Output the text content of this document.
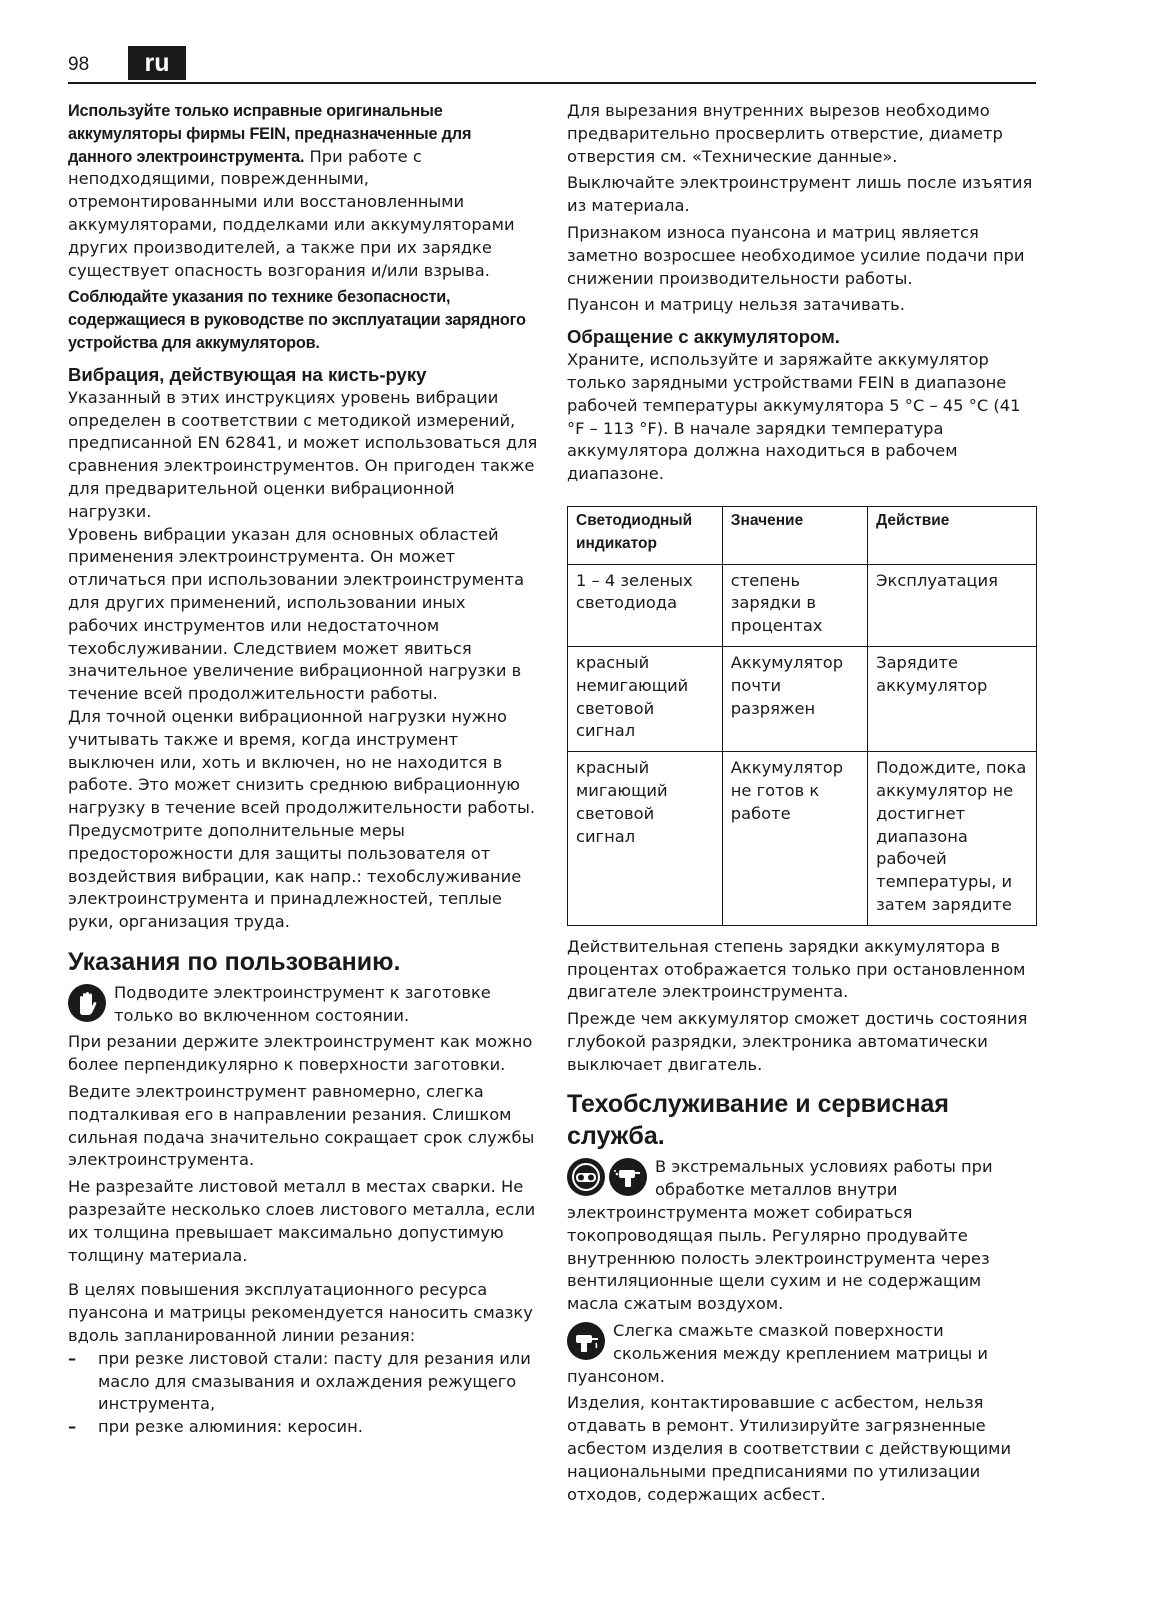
98	ru

Используйте только исправные оригинальные аккумуляторы фирмы FEIN, предназначенные для данного электроинструмента. При работе с неподходящими, поврежденными, отремонтированными или восстановленными аккумуляторами, подделками или аккумуляторами других производителей, а также при их зарядке существует опасность возгорания и/или взрыва.

Соблюдайте указания по технике безопасности, содержащиеся в руководстве по эксплуатации зарядного устройства для аккумуляторов.

Вибрация, действующая на кисть-руку

Указанный в этих инструкциях уровень вибрации определен в соответствии с методикой измерений, предписанной EN 62841, и может использоваться для сравнения электроинструментов. Он пригоден также для предварительной оценки вибрационной нагрузки.

Уровень вибрации указан для основных областей применения электроинструмента. Он может отличаться при использовании электроинструмента для других применений, использовании иных рабочих инструментов или недостаточном техобслуживании. Следствием может явиться значительное увеличение вибрационной нагрузки в течение всей продолжительности работы.

Для точной оценки вибрационной нагрузки нужно учитывать также и время, когда инструмент выключен или, хоть и включен, но не находится в работе. Это может снизить среднюю вибрационную нагрузку в течение всей продолжительности работы.

Предусмотрите дополнительные меры предосторожности для защиты пользователя от воздействия вибрации, как напр.: техобслуживание электроинструмента и принадлежностей, теплые руки, организация труда.

Указания по пользованию.

Подводите электроинструмент к заготовке только во включенном состоянии.

При резании держите электроинструмент как можно более перпендикулярно к поверхности заготовки.

Ведите электроинструмент равномерно, слегка подталкивая его в направлении резания. Слишком сильная подача значительно сокращает срок службы электроинструмента.

Не разрезайте листовой металл в местах сварки. Не разрезайте несколько слоев листового металла, если их толщина превышает максимально допустимую толщину материала.

В целях повышения эксплуатационного ресурса пуансона и матрицы рекомендуется наносить смазку вдоль запланированной линии резания:

– при резке листовой стали: пасту для резания или масло для смазывания и охлаждения режущего инструмента,
– при резке алюминия: керосин.

Для вырезания внутренних вырезов необходимо предварительно просверлить отверстие, диаметр отверстия см. «Технические данные».

Выключайте электроинструмент лишь после изъятия из материала.

Признаком износа пуансона и матриц является заметно возросшее необходимое усилие подачи при снижении производительности работы.

Пуансон и матрицу нельзя затачивать.

Обращение с аккумулятором.

Храните, используйте и заряжайте аккумулятор только зарядными устройствами FEIN в диапазоне рабочей температуры аккумулятора 5 °C – 45 °C (41 °F – 113 °F). В начале зарядки температура аккумулятора должна находиться в рабочем диапазоне.

Светодиодный индикатор	Значение	Действие
1 – 4 зеленых светодиода	степень зарядки в процентах	Эксплуатация
красный немигающий световой сигнал	Аккумулятор почти разряжен	Зарядите аккумулятор
красный мигающий световой сигнал	Аккумулятор не готов к работе	Подождите, пока аккумулятор не достигнет диапазона рабочей температуры, и затем зарядите

Действительная степень зарядки аккумулятора в процентах отображается только при остановленном двигателе электроинструмента.

Прежде чем аккумулятор сможет достичь состояния глубокой разрядки, электроника автоматически выключает двигатель.

Техобслуживание и сервисная служба.

В экстремальных условиях работы при обработке металлов внутри электроинструмента может собираться токопроводящая пыль. Регулярно продувайте внутреннюю полость электроинструмента через вентиляционные щели сухим и не содержащим масла сжатым воздухом.

Слегка смажьте смазкой поверхности скольжения между креплением матрицы и пуансоном.

Изделия, контактировавшие с асбестом, нельзя отдавать в ремонт. Утилизируйте загрязненные асбестом изделия в соответствии с действующими национальными предписаниями по утилизации отходов, содержащих асбест.
